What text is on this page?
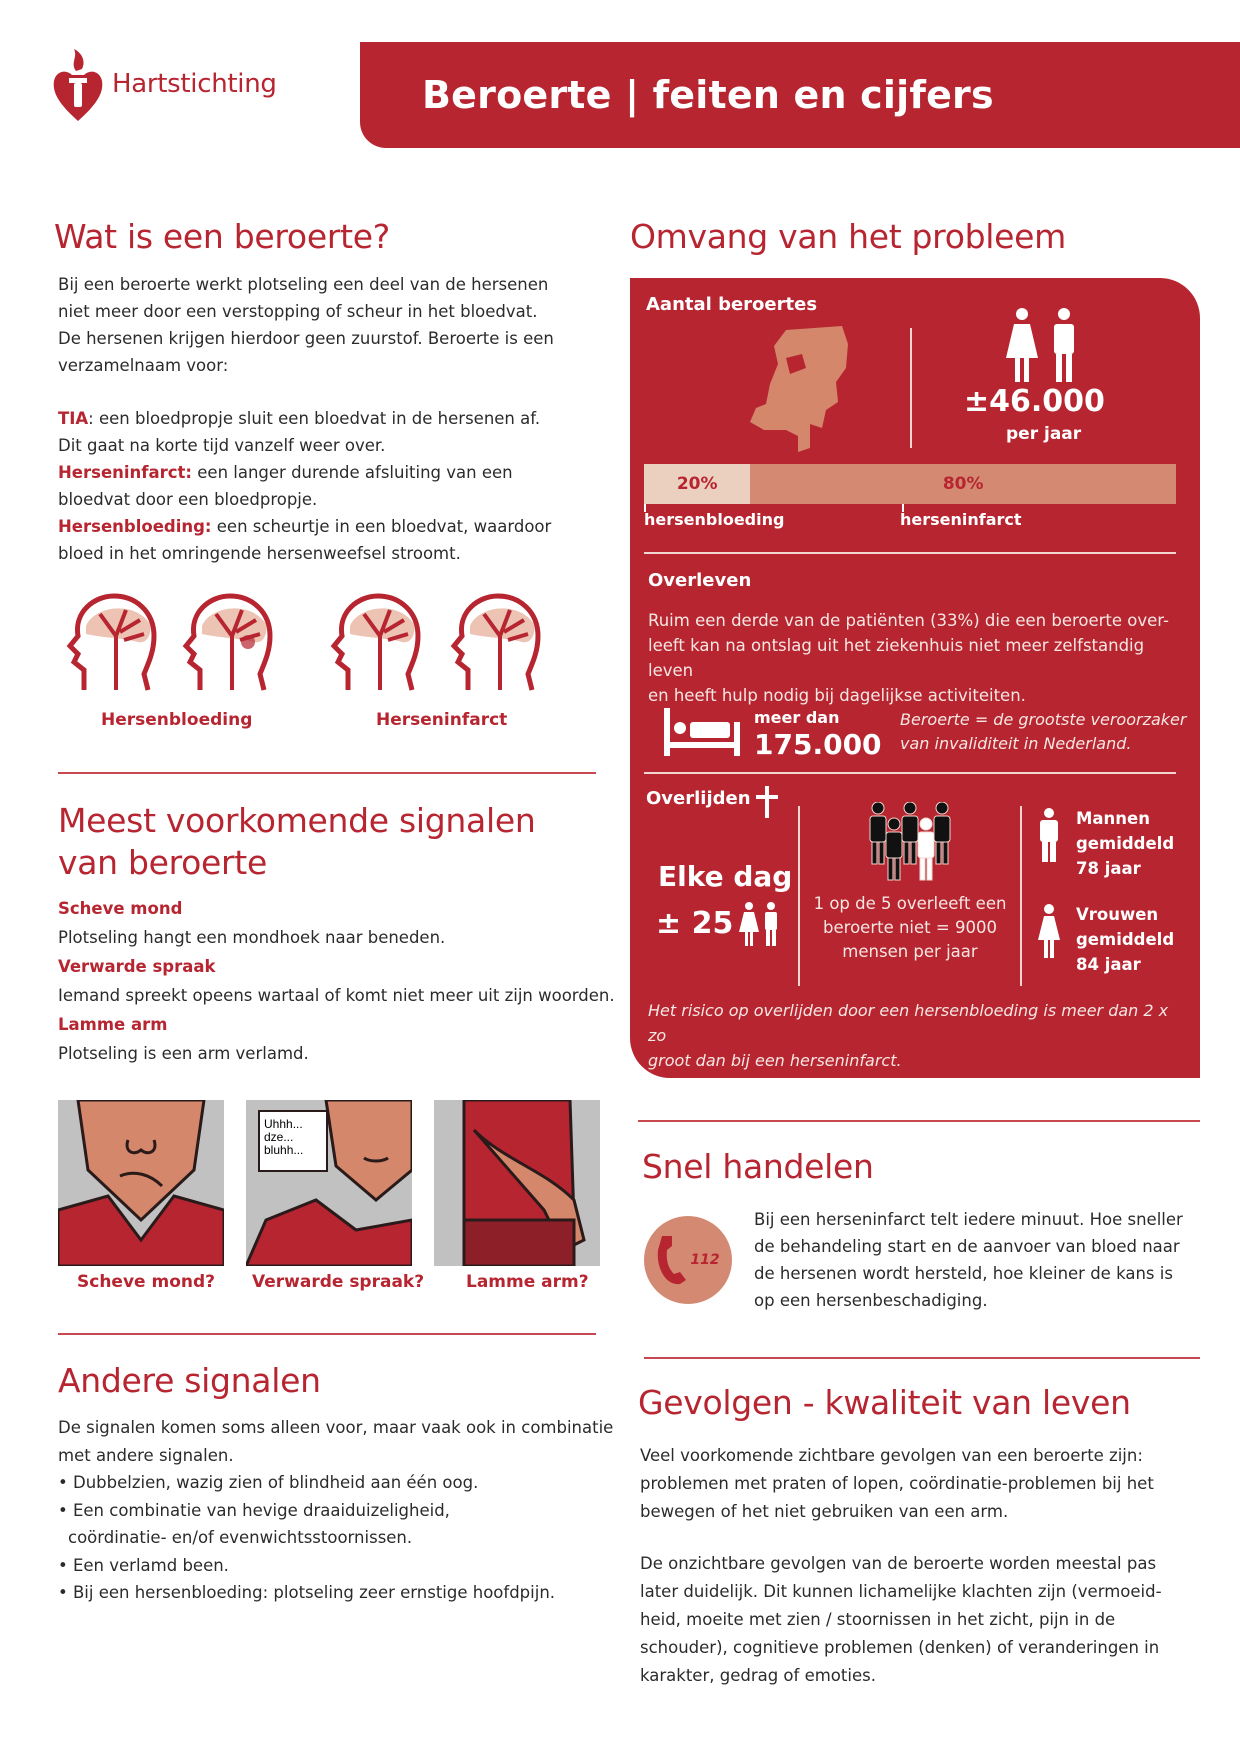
Hartstichting	Beroerte | feiten en cijfers
Wat is een beroerte?
Bij een beroerte werkt plotseling een deel van de hersenen
niet meer door een verstopping of scheur in het bloedvat.
De hersenen krijgen hierdoor geen zuurstof. Beroerte is een
verzamelnaam voor:
TIA: een bloedpropje sluit een bloedvat in de hersenen af.
Dit gaat na korte tijd vanzelf weer over.
Herseninfarct: een langer durende afsluiting van een
bloedvat door een bloedpropje.
Hersenbloeding: een scheurtje in een bloedvat, waardoor
bloed in het omringende hersenweefsel stroomt.
Hersenbloeding	Herseninfarct
Meest voorkomende signalen
van beroerte
Scheve mond
Plotseling hangt een mondhoek naar beneden.
Verwarde spraak
Iemand spreekt opeens wartaal of komt niet meer uit zijn woorden.
Lamme arm
Plotseling is een arm verlamd.
Uhhh...
dze...
bluhh...
Scheve mond? Verwarde spraak? Lamme arm?
Andere signalen
De signalen komen soms alleen voor, maar vaak ook in combinatie
met andere signalen.
• Dubbelzien, wazig zien of blindheid aan één oog.
• Een combinatie van hevige draaiduizeligheid,
coördinatie- en/of evenwichtsstoornissen.
• Een verlamd been.
• Bij een hersenbloeding: plotseling zeer ernstige hoofdpijn.
Omvang van het probleem
Aantal beroertes
±46.000
per jaar
20%	80%
hersenbloeding	herseninfarct
Overleven
Ruim een derde van de patiënten (33%) die een beroerte over-
leeft kan na ontslag uit het ziekenhuis niet meer zelfstandig leven
en heeft hulp nodig bij dagelijkse activiteiten.
meer dan
175.000
Beroerte = de grootste veroorzaker
van invaliditeit in Nederland.
Overlijden
Elke dag
± 25
1 op de 5 overleeft een
beroerte niet = 9000
mensen per jaar
Mannen
gemiddeld
78 jaar
Vrouwen
gemiddeld
84 jaar
Het risico op overlijden door een hersenbloeding is meer dan 2 x zo
groot dan bij een herseninfarct.
Snel handelen
112
Bij een herseninfarct telt iedere minuut. Hoe sneller
de behandeling start en de aanvoer van bloed naar
de hersenen wordt hersteld, hoe kleiner de kans is
op een hersenbeschadiging.
Gevolgen - kwaliteit van leven
Veel voorkomende zichtbare gevolgen van een beroerte zijn:
problemen met praten of lopen, coördinatie-problemen bij het
bewegen of het niet gebruiken van een arm.
De onzichtbare gevolgen van de beroerte worden meestal pas
later duidelijk. Dit kunnen lichamelijke klachten zijn (vermoeid-
heid, moeite met zien / stoornissen in het zicht, pijn in de
schouder), cognitieve problemen (denken) of veranderingen in
karakter, gedrag of emoties.
